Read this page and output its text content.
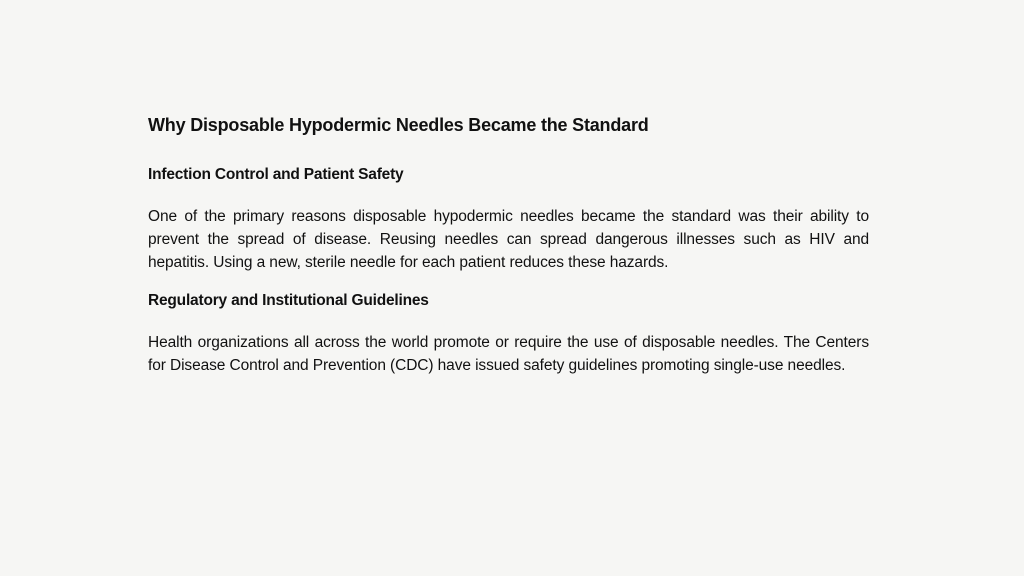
Why Disposable Hypodermic Needles Became the Standard
Infection Control and Patient Safety

One of the primary reasons disposable hypodermic needles became the standard was their ability to prevent the spread of disease. Reusing needles can spread dangerous illnesses such as HIV and hepatitis. Using a new, sterile needle for each patient reduces these hazards.

Regulatory and Institutional Guidelines

Health organizations all across the world promote or require the use of disposable needles. The Centers for Disease Control and Prevention (CDC) have issued safety guidelines promoting single-use needles.
